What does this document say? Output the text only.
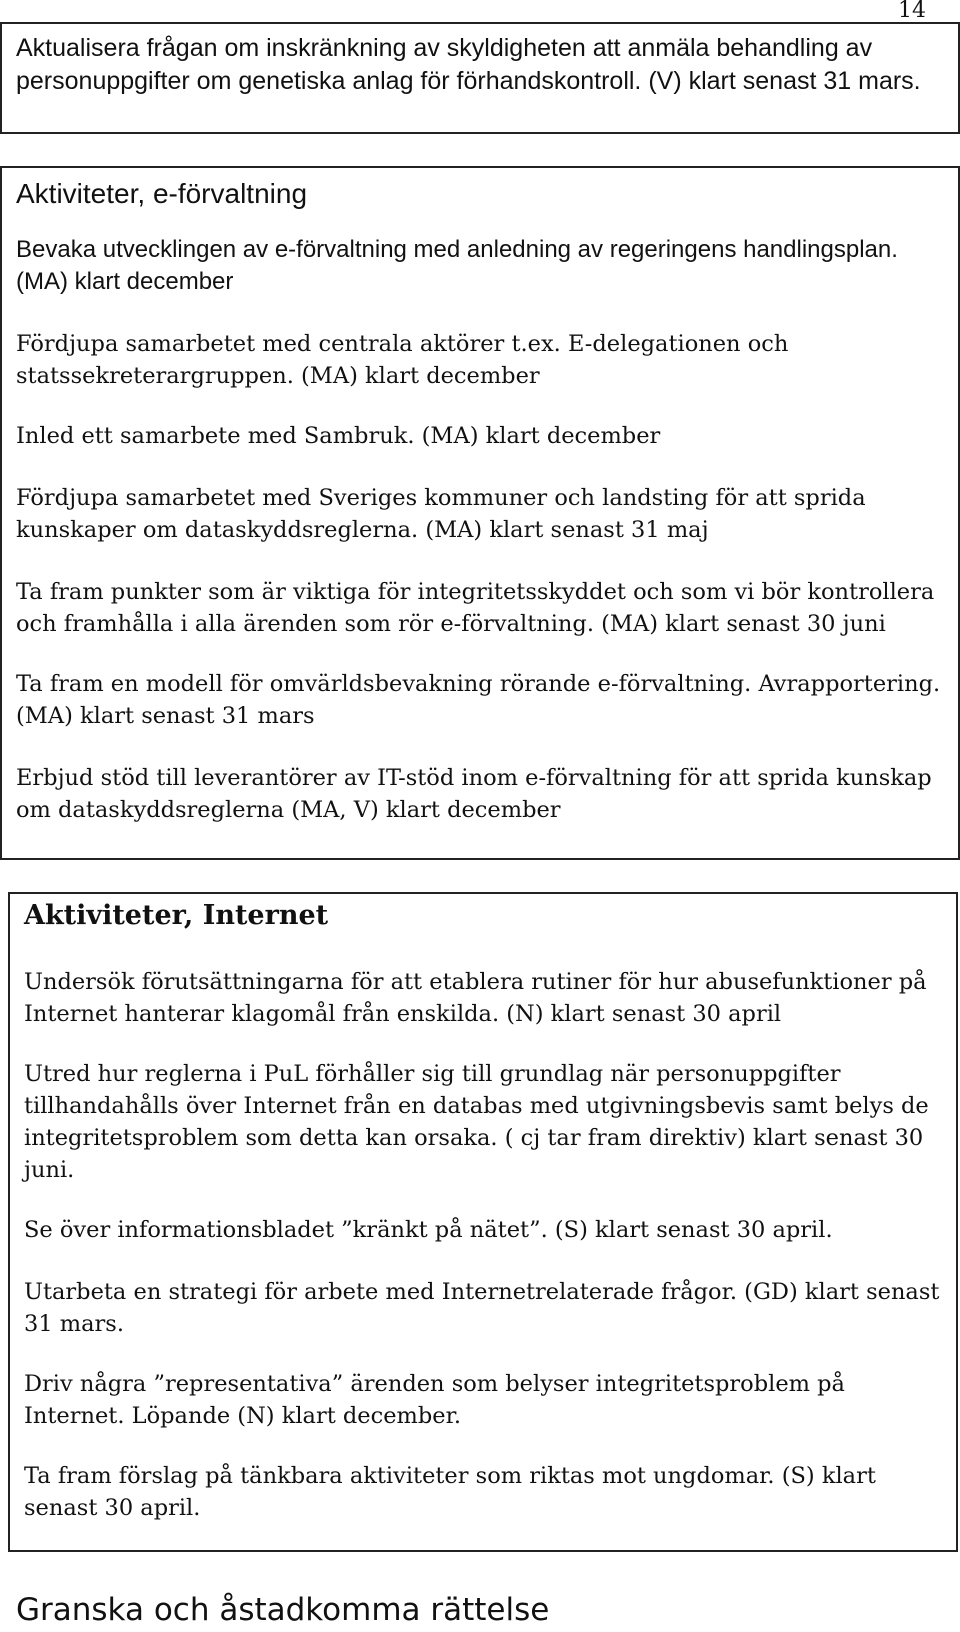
14

Aktualisera frågan om inskränkning av skyldigheten att anmäla behandling av personuppgifter om genetiska anlag för förhandskontroll. (V) klart senast 31 mars.

Aktiviteter, e-förvaltning

Bevaka utvecklingen av e-förvaltning med anledning av regeringens handlingsplan. (MA) klart december

Fördjupa samarbetet med centrala aktörer t.ex. E-delegationen och statssekreterargruppen. (MA) klart december

Inled ett samarbete med Sambruk. (MA) klart december

Fördjupa samarbetet med Sveriges kommuner och landsting för att sprida kunskaper om dataskyddsreglerna. (MA) klart senast 31 maj

Ta fram punkter som är viktiga för integritetsskyddet och som vi bör kontrollera och framhålla i alla ärenden som rör e-förvaltning. (MA) klart senast 30 juni

Ta fram en modell för omvärldsbevakning rörande e-förvaltning. Avrapportering. (MA) klart senast 31 mars

Erbjud stöd till leverantörer av IT-stöd inom e-förvaltning för att sprida kunskap om dataskyddsreglerna (MA, V) klart december

Aktiviteter, Internet

Undersök förutsättningarna för att etablera rutiner för hur abusefunktioner på Internet hanterar klagomål från enskilda. (N) klart senast 30 april

Utred hur reglerna i PuL förhåller sig till grundlag när personuppgifter tillhandahålls över Internet från en databas med utgivningsbevis samt belys de integritetsproblem som detta kan orsaka. ( cj tar fram direktiv) klart senast 30 juni.

Se över informationsbladet ”kränkt på nätet”. (S) klart senast 30 april.

Utarbeta en strategi för arbete med Internetrelaterade frågor. (GD) klart senast 31 mars.

Driv några ”representativa” ärenden som belyser integritetsproblem på Internet. Löpande (N) klart december.

Ta fram förslag på tänkbara aktiviteter som riktas mot ungdomar. (S) klart senast 30 april.

Granska och åstadkomma rättelse
